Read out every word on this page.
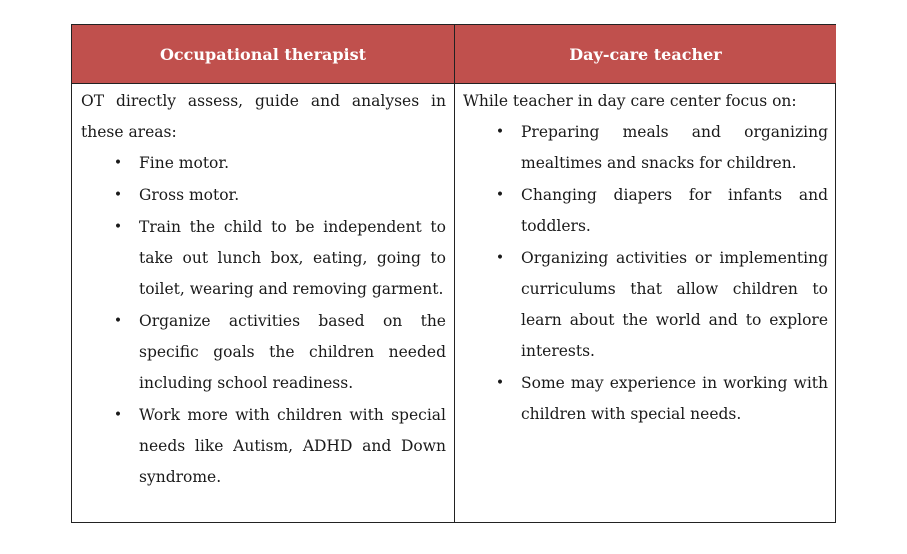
Occupational therapist	Day-care teacher

OT directly assess, guide and analyses in these areas:

• Fine motor.
• Gross motor.
• Train the child to be independent to take out lunch box, eating, going to toilet, wearing and removing garment.
• Organize activities based on the specific goals the children needed including school readiness.
• Work more with children with special needs like Autism, ADHD and Down syndrome.

While teacher in day care center focus on:

• Preparing meals and organizing mealtimes and snacks for children.
• Changing diapers for infants and toddlers.
• Organizing activities or implementing curriculums that allow children to learn about the world and to explore interests.
• Some may experience in working with children with special needs.
